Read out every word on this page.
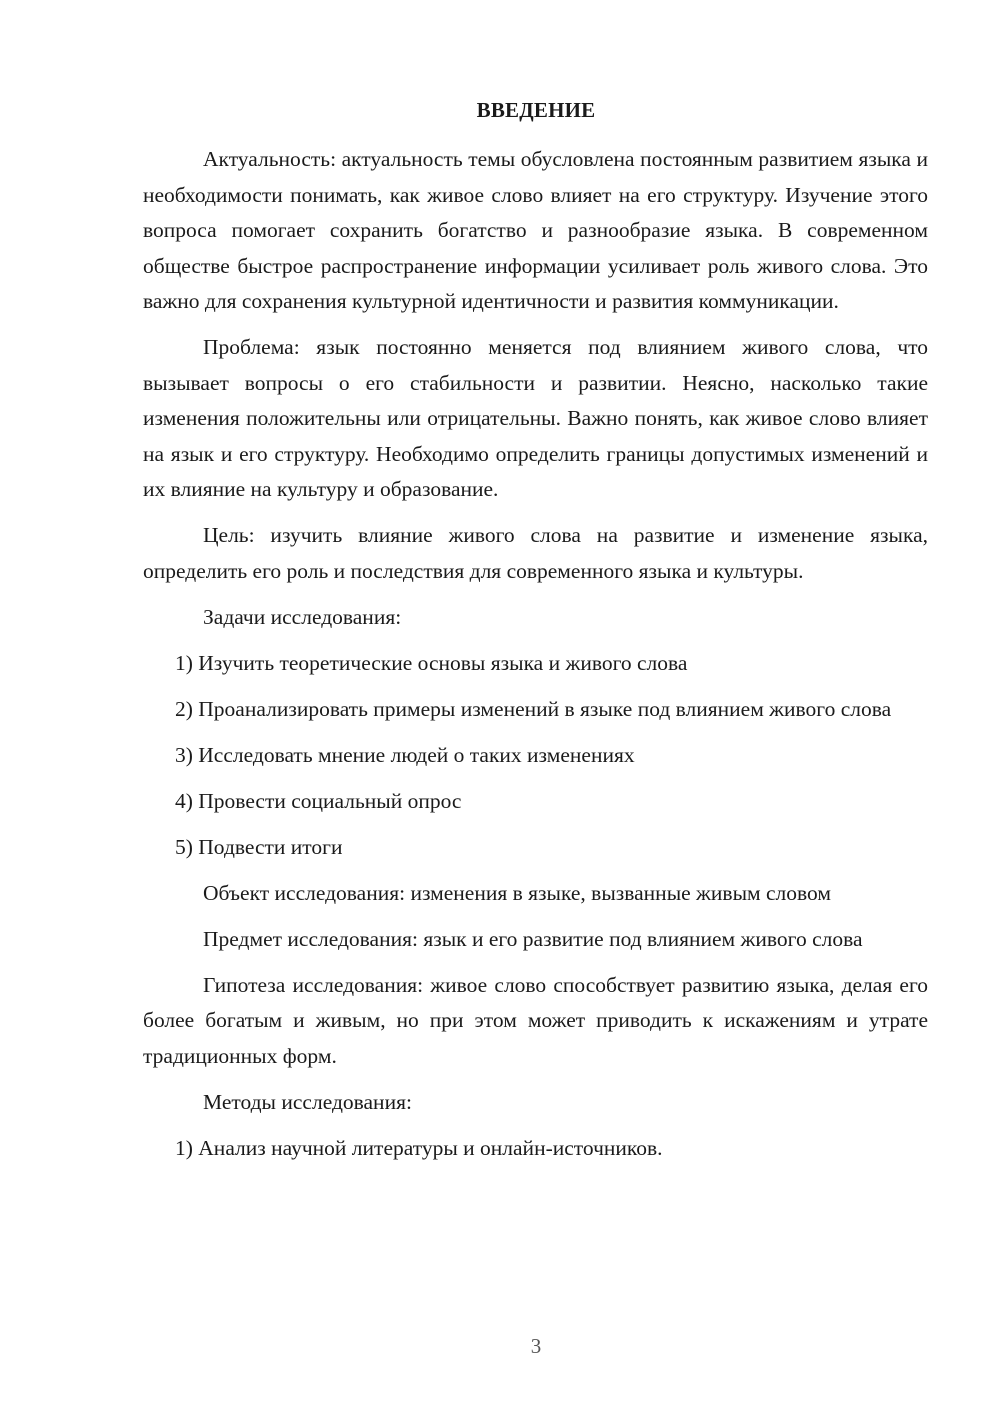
ВВЕДЕНИЕ

Актуальность: актуальность темы обусловлена постоянным развитием языка и необходимости понимать, как живое слово влияет на его структуру. Изучение этого вопроса помогает сохранить богатство и разнообразие языка. В современном обществе быстрое распространение информации усиливает роль живого слова. Это важно для сохранения культурной идентичности и развития коммуникации.

Проблема: язык постоянно меняется под влиянием живого слова, что вызывает вопросы о его стабильности и развитии. Неясно, насколько такие изменения положительны или отрицательны. Важно понять, как живое слово влияет на язык и его структуру. Необходимо определить границы допустимых изменений и их влияние на культуру и образование.

Цель: изучить влияние живого слова на развитие и изменение языка, определить его роль и последствия для современного языка и культуры.

Задачи исследования:

1) Изучить теоретические основы языка и живого слова

2) Проанализировать примеры изменений в языке под влиянием живого слова

3) Исследовать мнение людей о таких изменениях

4) Провести социальный опрос

5) Подвести итоги

Объект исследования: изменения в языке, вызванные живым словом

Предмет исследования: язык и его развитие под влиянием живого слова

Гипотеза исследования: живое слово способствует развитию языка, делая его более богатым и живым, но при этом может приводить к искажениям и утрате традиционных форм.

Методы исследования:

1) Анализ научной литературы и онлайн-источников.

3
